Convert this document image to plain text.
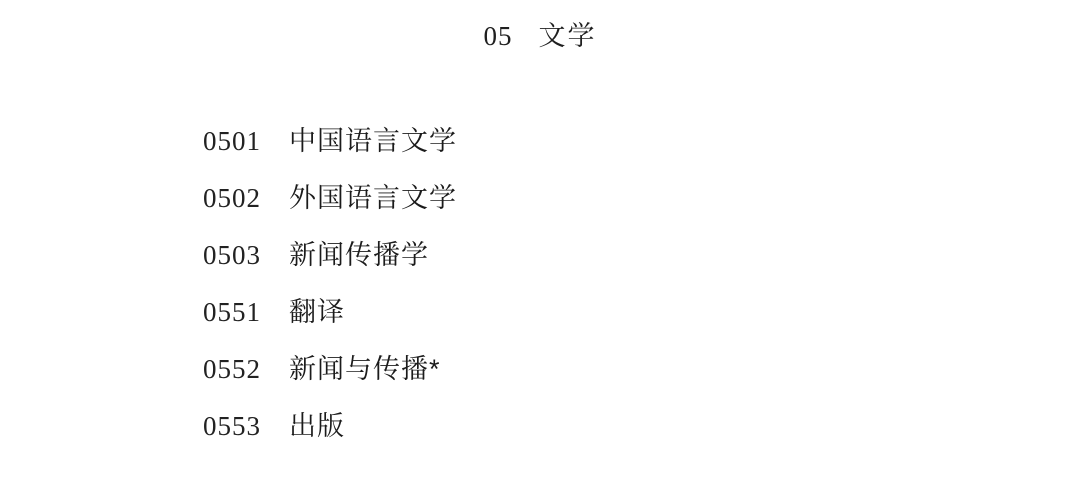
05 文学
0501 中国语言文学
0502 外国语言文学
0503 新闻传播学
0551 翻译
0552 新闻与传播*
0553 出版
